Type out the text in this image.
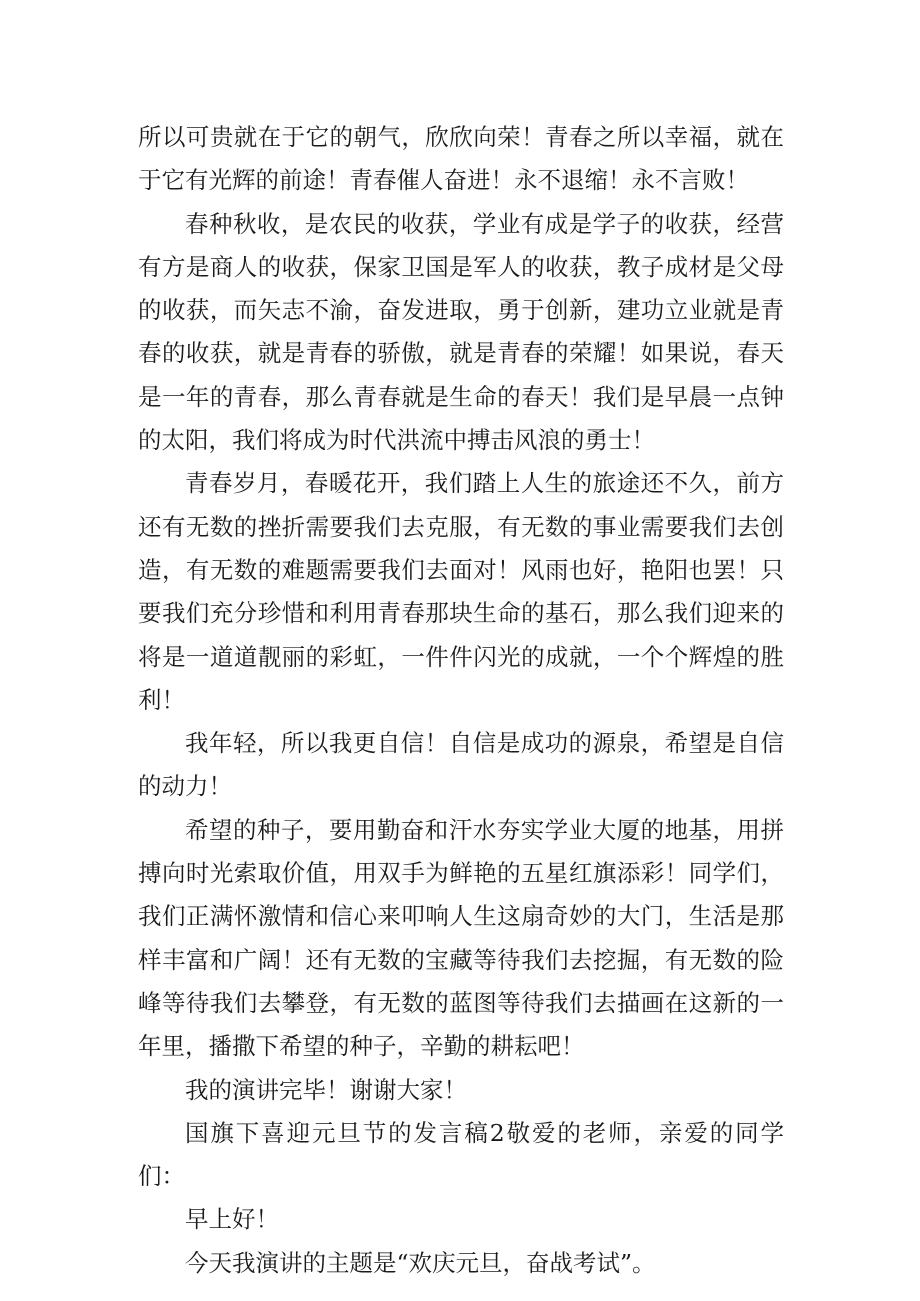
所以可贵就在于它的朝气，欣欣向荣！青春之所以幸福，就在于它有光辉的前途！青春催人奋进！永不退缩！永不言败！

春种秋收，是农民的收获，学业有成是学子的收获，经营有方是商人的收获，保家卫国是军人的收获，教子成材是父母的收获，而矢志不渝，奋发进取，勇于创新，建功立业就是青春的收获，就是青春的骄傲，就是青春的荣耀！如果说，春天是一年的青春，那么青春就是生命的春天！我们是早晨一点钟的太阳，我们将成为时代洪流中搏击风浪的勇士！

青春岁月，春暖花开，我们踏上人生的旅途还不久，前方还有无数的挫折需要我们去克服，有无数的事业需要我们去创造，有无数的难题需要我们去面对！风雨也好，艳阳也罢！只要我们充分珍惜和利用青春那块生命的基石，那么我们迎来的将是一道道靓丽的彩虹，一件件闪光的成就，一个个辉煌的胜利！

我年轻，所以我更自信！自信是成功的源泉，希望是自信的动力！

希望的种子，要用勤奋和汗水夯实学业大厦的地基，用拼搏向时光索取价值，用双手为鲜艳的五星红旗添彩！同学们，我们正满怀激情和信心来叩响人生这扇奇妙的大门，生活是那样丰富和广阔！还有无数的宝藏等待我们去挖掘，有无数的险峰等待我们去攀登，有无数的蓝图等待我们去描画在这新的一年里，播撒下希望的种子，辛勤的耕耘吧！

我的演讲完毕！谢谢大家！

国旗下喜迎元旦节的发言稿2敬爱的老师，亲爱的同学们：

早上好！

今天我演讲的主题是“欢庆元旦，奋战考试”。
